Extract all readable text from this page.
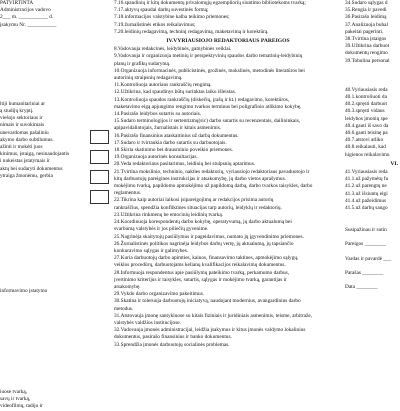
PATVIRTINTA
Administracijos vadovo
2___ m. ___________ d.
įsakymu Nr. ___________

ltiji humanitariniai ar
ą studijų kryptį.
viešojo sektoriaus ir
nimais ir suvokimais
unevardomas pašaliniu
akymo darbo subtilumus.
ažinti ir mokėti juos
kinimus, įstaigą, nesinaudojantis
i nukeistas įstatymais ir
aktų bei sudaryti dokumentus
ytraiga žmonėmu, gerbia

informavimo įstatymo

iuose tvarką,
savų ir tvarką,
videofilmų, radijo ir
7.16.spaudinių ir kitų dokumentų privalomųjų egzempliorių siuntimo bibliotekoms tvarką;
7.17.aktyvų spaudai darbų suvestinės formą;
7.18.informacijos valstybine kalba teikimo priemones;
7.19.žurnalistinės etikos reikalavimus;
7.20.leidinių redagavimą, techninį redagavimą, maketavimą ir korektūrą.
IV.VYRIAUSIOJO REDAKTORIAUS PAREIGOS
8.Vadovauja redakcinės, leidybinės, gamybinės veiklai.
9.Vadovauja ir organizuoja metinių ir perspektyvinių spaudos darbo tematinių-leidybinių
planų ir grafikų sudarymą.
10.Organizuoja informacinės, publicistinės, grožinės, mokslinės, metodinės literatūros bei
autorinių straipsnių redagavimą.
11.Kontroliuoja autoriaus rankraščių rengimą.
12.Užtikrina, kad spaudinys būtų surinktas laiku išleistas.
13.Kontroliuoja spaudos rankraščių (diskečių, įrašų ir kt.) redagavimo, korektūros,
maketavimo eigą apjungimo rengimo tvarkos terminus bei poligrafinio atlikimo kokybę.
14.Pasirašo leidybos sutartis su autoriais.
15.Sudaro terminologijos ir sertentizmų(sic) darbo sutartis su recenzentais, dailininkais,
apipavidalintojais, žurnalistais ir kitais asmenimis.
16.Pasirašo finansinius ataskaitinius už darbą dokumentus.
17.Sudaro ir tvirtaukia darbo sutartis su darbuotojais.
18.Skiria skatinimo bei drausminio poveikio priemones.
19.Organizuoja autorinės konsultacijas.
20.Veda redaktoriaus pasitarimus, leidinių bei stuipsnių aptarimus.
21.Tvirtina mokslinio, techninio, nakties redaktorių, vyriausiojo redaktoriaus pavaduotojo ir
kitų darbuotojų pareigines instrukcijas ir atsakomybę, jų darbo vietos aprašymus.
mokėjimo tvarką, papildomo apmokėjimo už papildomą darbą, darbo tvarkos taisykles, darbo
reglamentus.
22.Tikrina kaip autoriai laikosi įsipareigojimų ar redakcijos prisima autorių
rankraščius, spendžia konfliktines situacijas tarp autorių, leidyklų ir redaktorių.
23.Užtikrina rinkmenų be emocinių leidinių tvarką.
24.Koordinuoja korespondentų darbo kokybę, operatyvumą, jų darbo aktualumą bei
svarbumą valstybės ir jos piliečių gyvenime.
25.Nagrinėja skaitytojų pasiūlymus ir pageidavimus, numato jų įgyvendinimo priemones.
26.Žurnalistinės politikos nagrinėja leidybos darbų vertę, jų aktualumą, jų tapsiančio
konkuravimo sąlygas ir galimybes.
27.Kuria darbuotojų darbo apimties, kainos, finansavimo taktines, apmokėjimo sąlygų,
veiklos procedūrų, darbuotojams kelianų kvalifikacijos reikalavimų dokumentus.
28.Informuoja respondentus apie pasiūlymų pateikimo tvarką, perkamumo darbus,
įvertinimo kriterijus ir taisykles, sutartis, sąlygas ir mokėjimo tvarką, garantijas ir
atsakomybę.
29.Vykdo darbo organizavimo pakeitimus.
30.Skatina ir toleruoja darbuotojų iniciatyvą, naudojant modernius, avangardinius darbo
metodus.
31.Atstovauja įmonę santykiuose su kitais fiziniais ir juridiniais asmenimis, teisme, arbitraže,
valstybės valdžios institucijose.
32.Vadovauja įmonės administracijai, leidžia įsakymus ir kitus įmonės valdymo lokalinius
dokumentus, pasirašo finansinius ir banko dokumentus.
33.Sprendžia įmonės darbuotojų socialinės problemas.
34.Sudaro sąlygas d
35.Rengia ir pavedi
36.Pasirašo leidimą
37.Analizuoja buhal
pakeitai pagerinti.
38.Tvirtina įstaigos
39.Užtikrina darbuot
dokumentų rengimo
39.Tobulina personal
40.Vyriausiasis reda
40.1.kontroliuoti da
40.2.spręsti darbuot
40.3.spręsti vidaus
leidybos įmonių spe
40.4.gauti iš savo da
40.6.gauti teisinę pa
40.7.atstovi atliko
40.8.reikalauti, kad
higienos reikalavimu
VI.
41.Vyriausiasis reda
41.1.už pažymėtų fu
41.2.už parengtų ne
41.3.už išsiuntų elgi
41.4.už pažeidimus
41.5.už darbų saugo

Susipažinau ir sutin

Pareigos ________

Vardas ir pavardė ___

Parašas ________

Data ________
